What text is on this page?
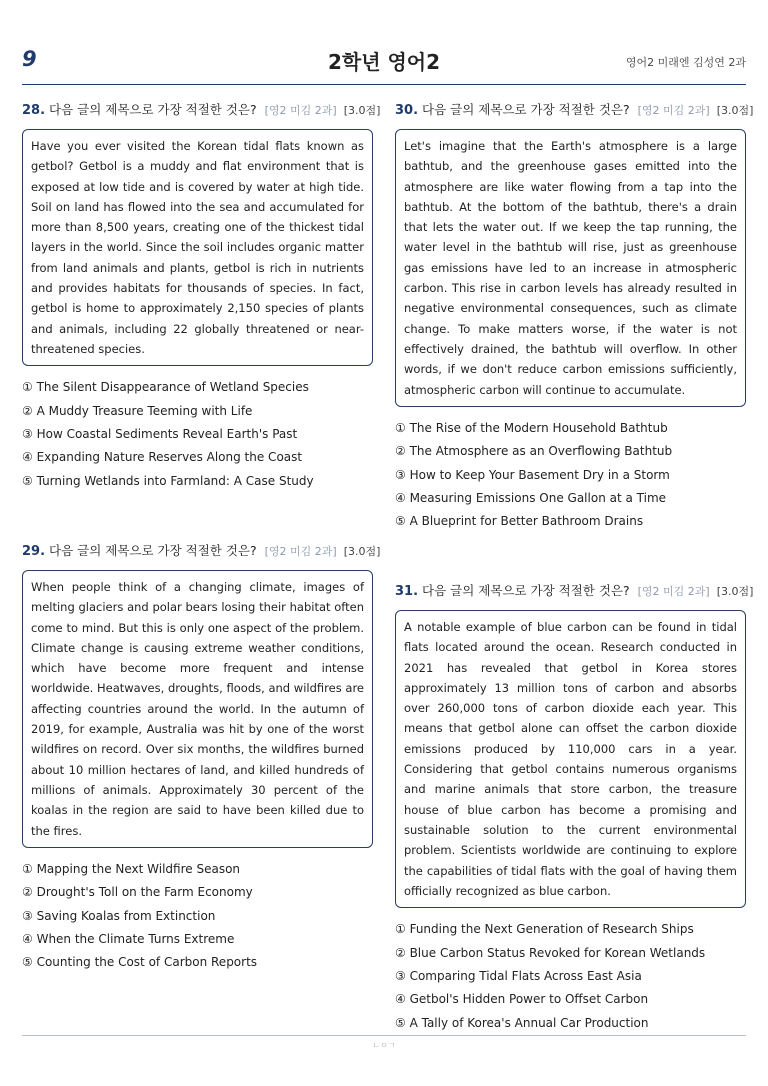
9	2학년 영어2	영어2 미래엔 김성연 2과
28. 다음 글의 제목으로 가장 적절한 것은? [영2 미김 2과] [3.0점]
Have you ever visited the Korean tidal flats known as getbol? Getbol is a muddy and flat environment that is exposed at low tide and is covered by water at high tide. Soil on land has flowed into the sea and accumulated for more than 8,500 years, creating one of the thickest tidal layers in the world. Since the soil includes organic matter from land animals and plants, getbol is rich in nutrients and provides habitats for thousands of species. In fact, getbol is home to approximately 2,150 species of plants and animals, including 22 globally threatened or near-threatened species.
① The Silent Disappearance of Wetland Species
② A Muddy Treasure Teeming with Life
③ How Coastal Sediments Reveal Earth's Past
④ Expanding Nature Reserves Along the Coast
⑤ Turning Wetlands into Farmland: A Case Study
29. 다음 글의 제목으로 가장 적절한 것은? [영2 미김 2과] [3.0점]
When people think of a changing climate, images of melting glaciers and polar bears losing their habitat often come to mind. But this is only one aspect of the problem. Climate change is causing extreme weather conditions, which have become more frequent and intense worldwide. Heatwaves, droughts, floods, and wildfires are affecting countries around the world. In the autumn of 2019, for example, Australia was hit by one of the worst wildfires on record. Over six months, the wildfires burned about 10 million hectares of land, and killed hundreds of millions of animals. Approximately 30 percent of the koalas in the region are said to have been killed due to the fires.
① Mapping the Next Wildfire Season
② Drought's Toll on the Farm Economy
③ Saving Koalas from Extinction
④ When the Climate Turns Extreme
⑤ Counting the Cost of Carbon Reports
30. 다음 글의 제목으로 가장 적절한 것은? [영2 미김 2과] [3.0점]
Let's imagine that the Earth's atmosphere is a large bathtub, and the greenhouse gases emitted into the atmosphere are like water flowing from a tap into the bathtub. At the bottom of the bathtub, there's a drain that lets the water out. If we keep the tap running, the water level in the bathtub will rise, just as greenhouse gas emissions have led to an increase in atmospheric carbon. This rise in carbon levels has already resulted in negative environmental consequences, such as climate change. To make matters worse, if the water is not effectively drained, the bathtub will overflow. In other words, if we don't reduce carbon emissions sufficiently, atmospheric carbon will continue to accumulate.
① The Rise of the Modern Household Bathtub
② The Atmosphere as an Overflowing Bathtub
③ How to Keep Your Basement Dry in a Storm
④ Measuring Emissions One Gallon at a Time
⑤ A Blueprint for Better Bathroom Drains
31. 다음 글의 제목으로 가장 적절한 것은? [영2 미김 2과] [3.0점]
A notable example of blue carbon can be found in tidal flats located around the ocean. Research conducted in 2021 has revealed that getbol in Korea stores approximately 13 million tons of carbon and absorbs over 260,000 tons of carbon dioxide each year. This means that getbol alone can offset the carbon dioxide emissions produced by 110,000 cars in a year. Considering that getbol contains numerous organisms and marine animals that store carbon, the treasure house of blue carbon has become a promising and sustainable solution to the current environmental problem. Scientists worldwide are continuing to explore the capabilities of tidal flats with the goal of having them officially recognized as blue carbon.
① Funding the Next Generation of Research Ships
② Blue Carbon Status Revoked for Korean Wetlands
③ Comparing Tidal Flats Across East Asia
④ Getbol's Hidden Power to Offset Carbon
⑤ A Tally of Korea's Annual Car Production
ㄴㅇㄱ
